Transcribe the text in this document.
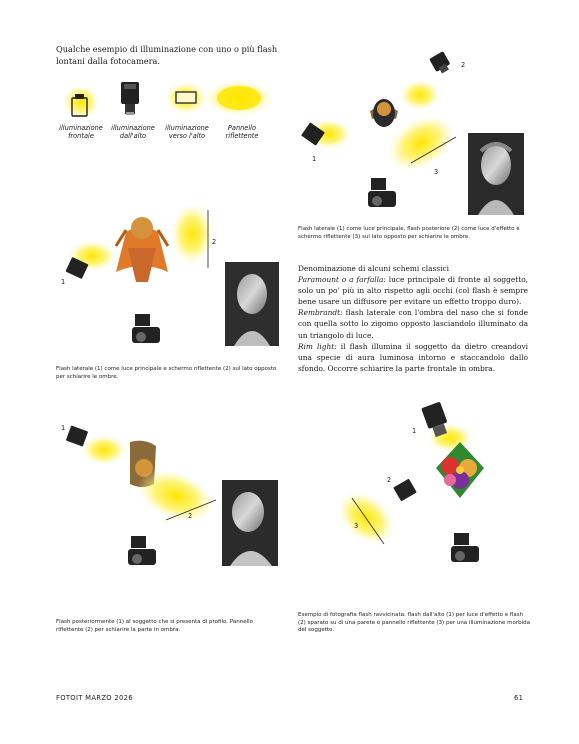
Qualche esempio di illuminazione con uno o più flash lontani dalla fotocamera.
illuminazione frontale
illuminazione dall'alto
illuminazione verso l'alto
Pannello riflettente
2
1
3
Flash laterale (1) come luce principale, flash posteriore (2) come luce d'effetto e schermo riflettente (3) sul lato opposto per schiarire le ombre.
2
1
Flash laterale (1) come luce principale e schermo riflettente (2) sul lato opposto per schiarire le ombre.

Denominazione di alcuni schemi classici

Paramount o a farfalla: luce principale di fronte al soggetto, solo un po' più in alto rispetto agli occhi (col flash è sempre bene usare un diffusore per evitare un effetto troppo duro).

Rembrandt: flash laterale con l'ombra del naso che si fonde con quella sotto lo zigomo opposto lasciandolo illuminato da un triangolo di luce.

Rim light: il flash illumina il soggetto da dietro creandovi una specie di aura luminosa intorno e staccandolo dallo sfondo. Occorre schiarire la parte frontale in ombra.

1
2
Flash posteriormente (1) al soggetto che si presenta di profilo. Pannello riflettente (2) per schiarire la parte in ombra.
1
2
3
Esempio di fotografia flash ravvicinata: flash dall'alto (1) per luce d'effetto e flash (2) sparato su di una parete o pannello riflettente (3) per una illuminazione morbida del soggetto.
FOTOIT MARZO 2026	61
